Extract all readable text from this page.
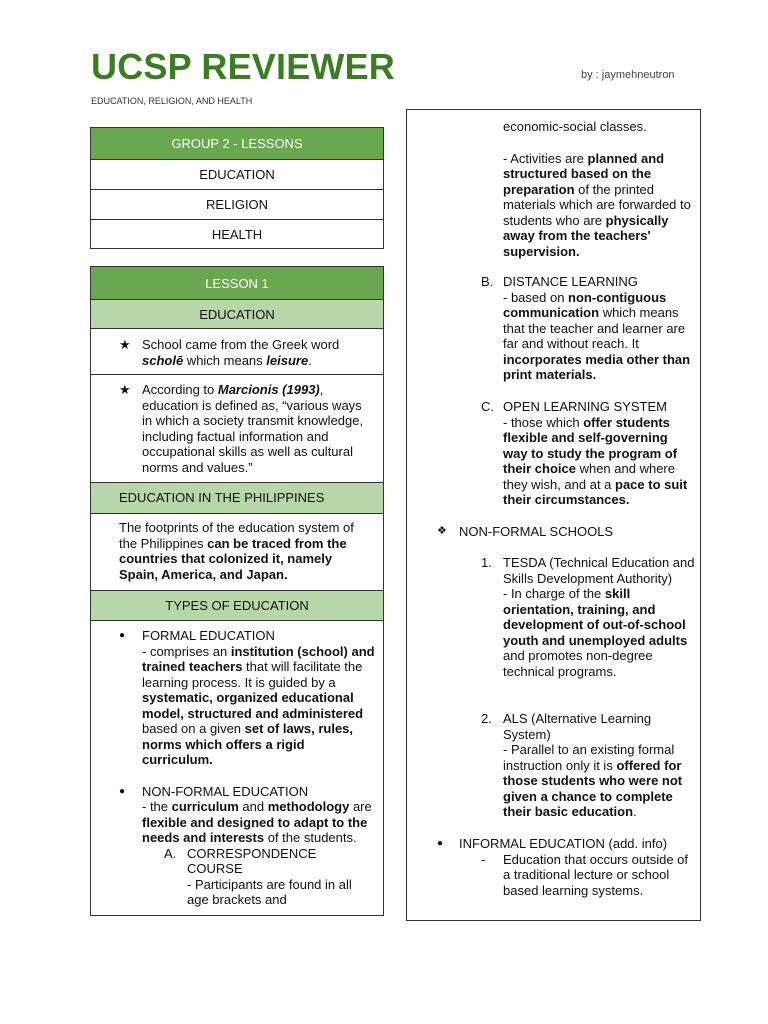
UCSP REVIEWER	by : jaymehneutron
EDUCATION, RELIGION, AND HEALTH
GROUP 2 - LESSONS
EDUCATION
RELIGION
HEALTH
LESSON 1
EDUCATION
★ School came from the Greek word scholē which means leisure.

★ According to Marcionis (1993), education is defined as, “various ways in which a society transmit knowledge, including factual information and occupational skills as well as cultural norms and values.”

EDUCATION IN THE PHILIPPINES

The footprints of the education system of the Philippines can be traced from the countries that colonized it, namely Spain, America, and Japan.

TYPES OF EDUCATION
● FORMAL EDUCATION

- comprises an institution (school) and trained teachers that will facilitate the learning process. It is guided by a systematic, organized educational model, structured and administered based on a given set of laws, rules, norms which offers a rigid curriculum.

● NON-FORMAL EDUCATION

- the curriculum and methodology are flexible and designed to adapt to the needs and interests of the students.

A. CORRESPONDENCE COURSE

- Participants are found in all age brackets and

economic-social classes.

- Activities are planned and structured based on the preparation of the printed materials which are forwarded to students who are physically away from the teachers' supervision.

B. DISTANCE LEARNING

- based on non-contiguous communication which means that the teacher and learner are far and without reach. It incorporates media other than print materials.

C. OPEN LEARNING SYSTEM

- those which offer students flexible and self-governing way to study the program of their choice when and where they wish, and at a pace to suit their circumstances.

❖ NON-FORMAL SCHOOLS

1. TESDA (Technical Education and Skills Development Authority)

- In charge of the skill orientation, training, and development of out-of-school youth and unemployed adults and promotes non-degree technical programs.

2. ALS (Alternative Learning System)

- Parallel to an existing formal instruction only it is offered for those students who were not given a chance to complete their basic education.

●	INFORMAL EDUCATION (add. info)

- Education that occurs outside of a traditional lecture or school based learning systems.
